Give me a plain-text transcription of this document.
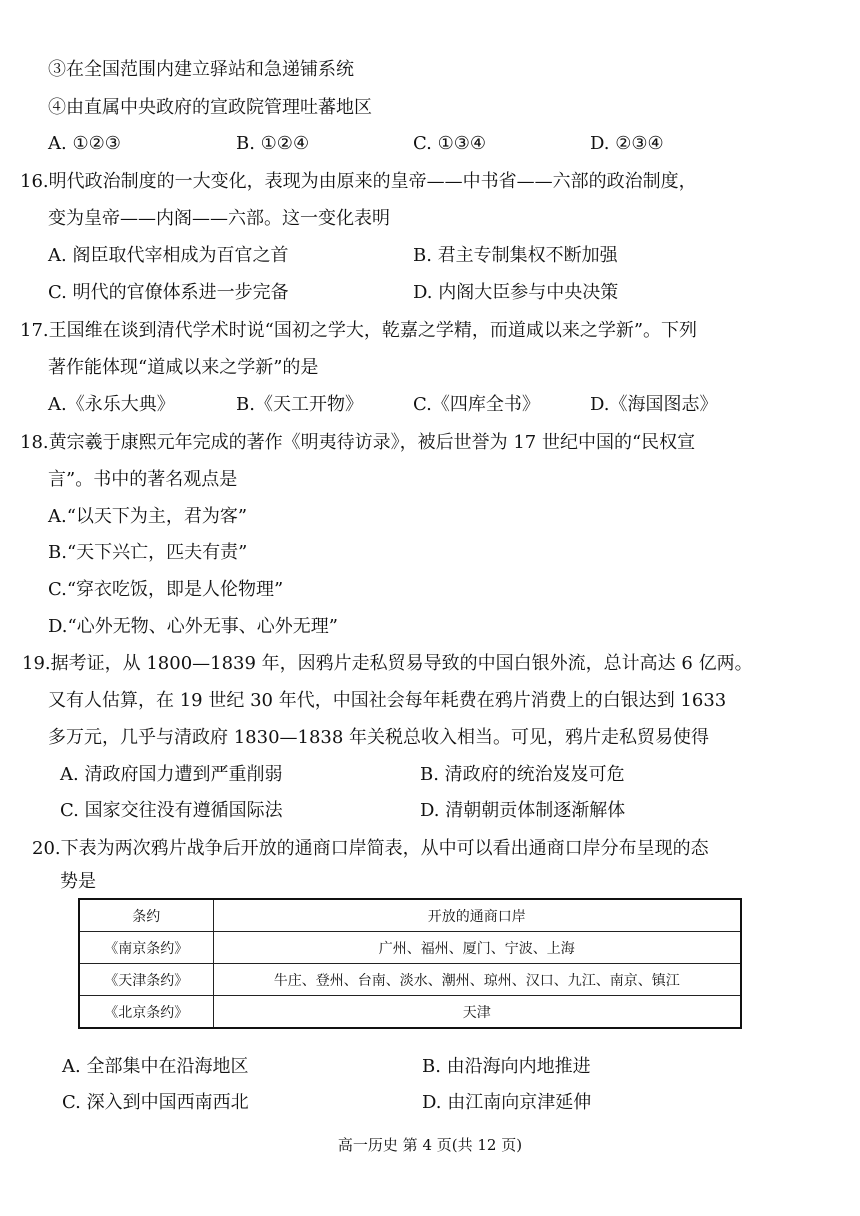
③在全国范围内建立驿站和急递铺系统
④由直属中央政府的宣政院管理吐蕃地区
A. ①②③	B. ①②④	C. ①③④	D. ②③④
16.明代政治制度的一大变化，表现为由原来的皇帝——中书省——六部的政治制度，
变为皇帝——内阁——六部。这一变化表明
A. 阁臣取代宰相成为百官之首	B. 君主专制集权不断加强
C. 明代的官僚体系进一步完备	D. 内阁大臣参与中央决策
17.王国维在谈到清代学术时说“国初之学大，乾嘉之学精，而道咸以来之学新”。下列
著作能体现“道咸以来之学新”的是
A.《永乐大典》	B.《天工开物》	C.《四库全书》	D.《海国图志》
18.黄宗羲于康熙元年完成的著作《明夷待访录》，被后世誉为 17 世纪中国的“民权宣
言”。书中的著名观点是
A.“以天下为主，君为客”
B.“天下兴亡，匹夫有责”
C.“穿衣吃饭，即是人伦物理”
D.“心外无物、心外无事、心外无理”
19.据考证，从 1800—1839 年，因鸦片走私贸易导致的中国白银外流，总计高达 6 亿两。
又有人估算，在 19 世纪 30 年代，中国社会每年耗费在鸦片消费上的白银达到 1633
多万元，几乎与清政府 1830—1838 年关税总收入相当。可见，鸦片走私贸易使得
A. 清政府国力遭到严重削弱	B. 清政府的统治岌岌可危
C. 国家交往没有遵循国际法	D. 清朝朝贡体制逐渐解体
20.下表为两次鸦片战争后开放的通商口岸简表，从中可以看出通商口岸分布呈现的态
势是
条约	开放的通商口岸
《南京条约》	广州、福州、厦门、宁波、上海
《天津条约》	牛庄、登州、台南、淡水、潮州、琼州、汉口、九江、南京、镇江
《北京条约》	天津
A. 全部集中在沿海地区	B. 由沿海向内地推进
C. 深入到中国西南西北	D. 由江南向京津延伸
高一历史 第 4 页(共 12 页)
